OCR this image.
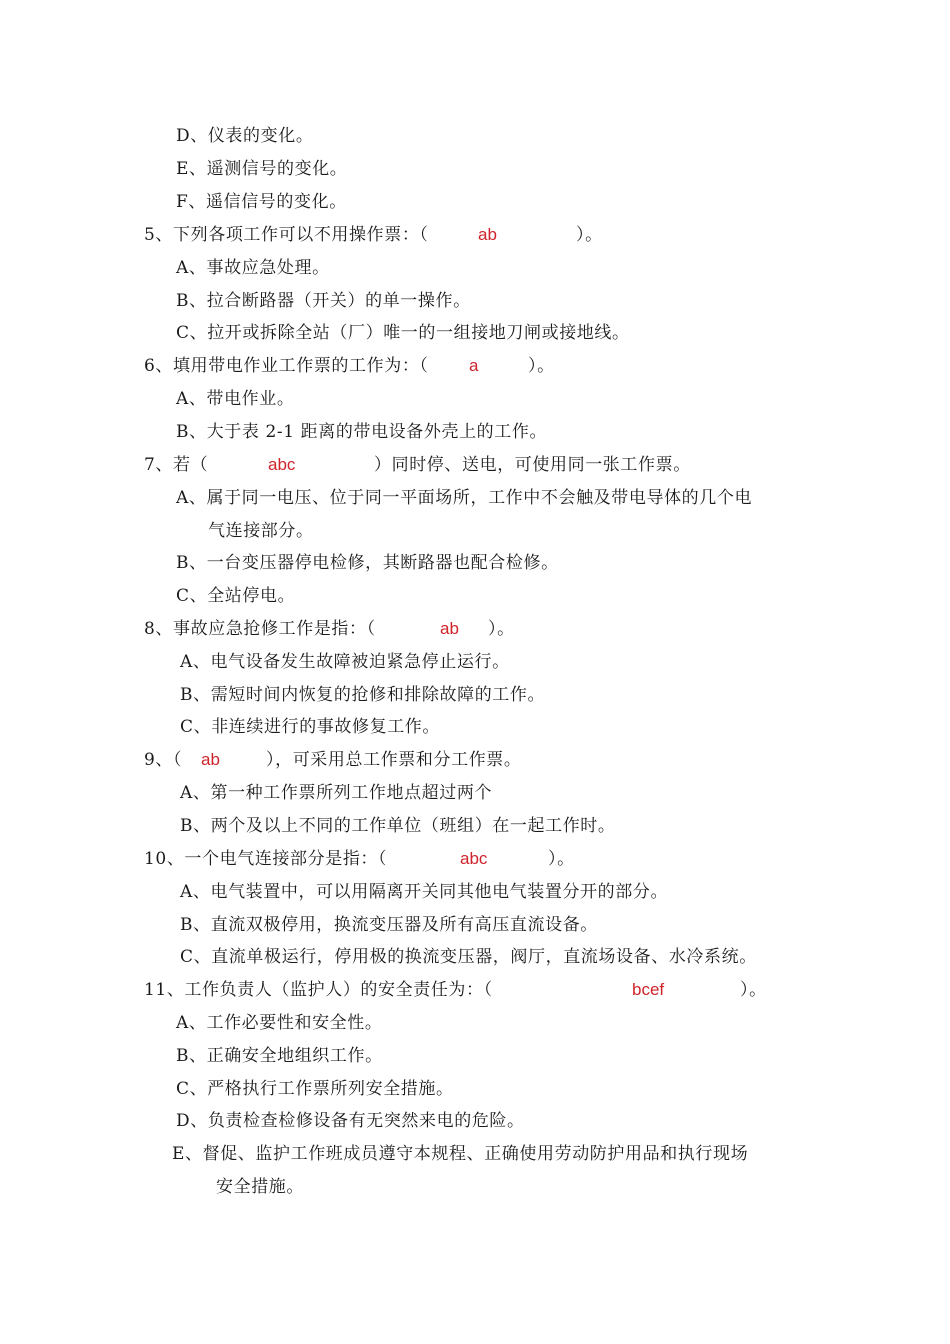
D、仪表的变化。
E、遥测信号的变化。
F、遥信信号的变化。
5、下列各项工作可以不用操作票：（	ab	）。
A、事故应急处理。
B、拉合断路器（开关）的单一操作。
C、拉开或拆除全站（厂）唯一的一组接地刀闸或接地线。
6、填用带电作业工作票的工作为：（ a	）。
A、带电作业。
B、大于表 2-1 距离的带电设备外壳上的工作。
7、若（	abc	）同时停、送电，可使用同一张工作票。
A、属于同一电压、位于同一平面场所，工作中不会触及带电导体的几个电
气连接部分。
B、一台变压器停电检修，其断路器也配合检修。
C、全站停电。
8、事故应急抢修工作是指：（	ab ）。
A、电气设备发生故障被迫紧急停止运行。
B、需短时间内恢复的抢修和排除故障的工作。
C、非连续进行的事故修复工作。
9、（ ab	），可采用总工作票和分工作票。
A、第一种工作票所列工作地点超过两个
B、两个及以上不同的工作单位（班组）在一起工作时。
10、一个电气连接部分是指：（	abc	）。
A、电气装置中，可以用隔离开关同其他电气装置分开的部分。
B、直流双极停用，换流变压器及所有高压直流设备。
C、直流单极运行，停用极的换流变压器，阀厅，直流场设备、水冷系统。
11、工作负责人（监护人）的安全责任为：（	bcef	）。
A、工作必要性和安全性。
B、正确安全地组织工作。
C、严格执行工作票所列安全措施。
D、负责检查检修设备有无突然来电的危险。
E、督促、监护工作班成员遵守本规程、正确使用劳动防护用品和执行现场
安全措施。
